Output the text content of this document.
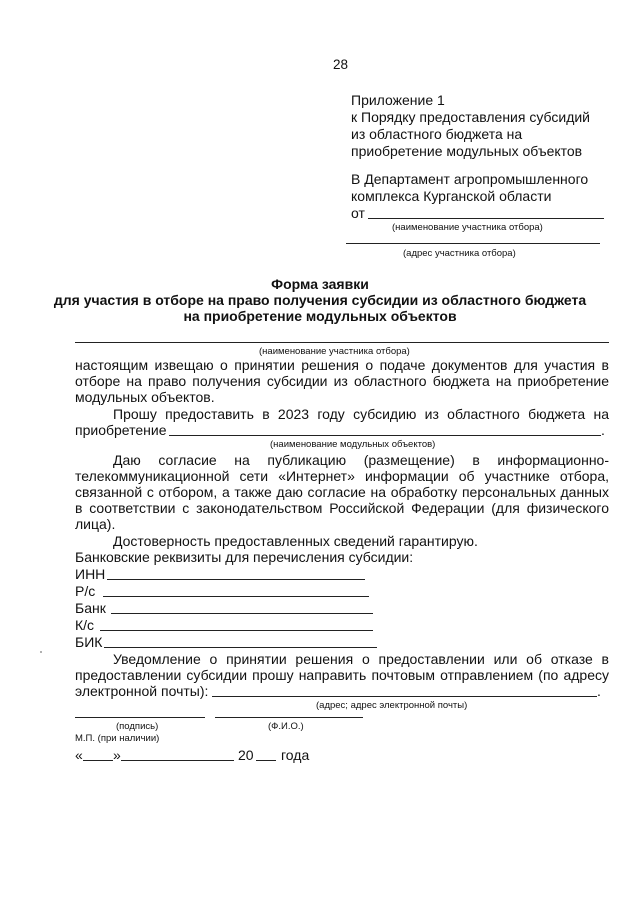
28
Приложение 1
к Порядку предоставления субсидий
из областного бюджета на
приобретение модульных объектов
В Департамент агропромышленного
комплекса Курганской области
от
(наименование участника отбора)
(адрес участника отбора)
Форма заявки
для участия в отборе на право получения субсидии из областного бюджета
на приобретение модульных объектов
(наименование участника отбора)
настоящим извещаю о принятии решения о подаче документов для участия в
отборе на право получения субсидии из областного бюджета на приобретение
модульных объектов.
Прошу предоставить в 2023 году субсидию из областного бюджета на
приобретение	.
(наименование модульных объектов)
Даю согласие на публикацию (размещение) в информационно-
телекоммуникационной сети «Интернет» информации об участнике отбора,
связанной с отбором, а также даю согласие на обработку персональных данных
в соответствии с законодательством Российской Федерации (для физического
лица).
Достоверность предоставленных сведений гарантирую.
Банковские реквизиты для перечисления субсидии:
ИНН
Р/с
Банк
К/с
БИК
Уведомление о принятии решения о предоставлении или об отказе в
предоставлении субсидии прошу направить почтовым отправлением (по адресу
электронной почты):	.
(адрес; адрес электронной почты)
(подпись)	(Ф.И.О.)
М.П. (при наличии)
« »	20 года
